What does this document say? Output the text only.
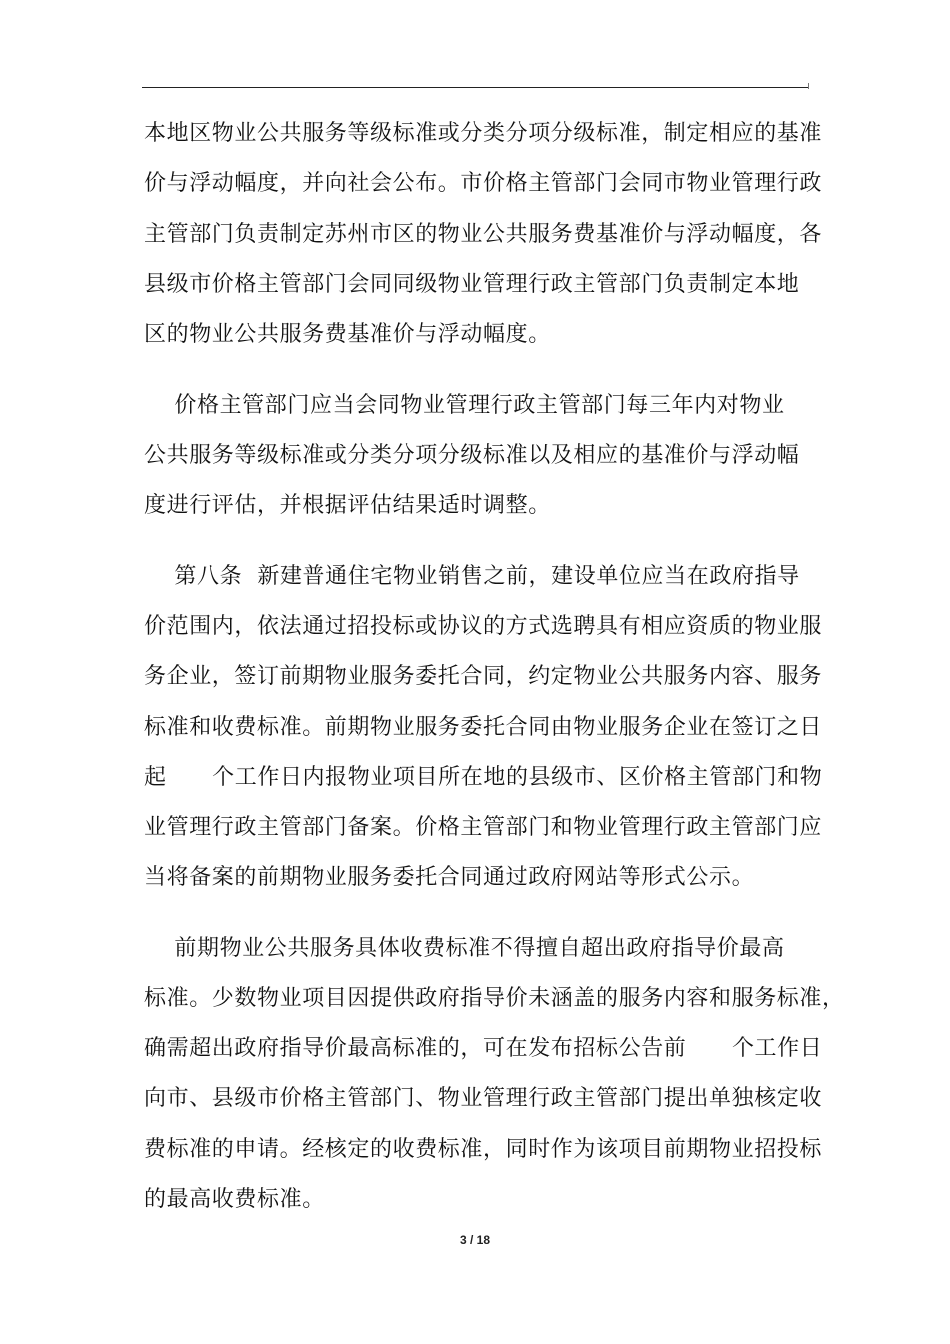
本地区物业公共服务等级标准或分类分项分级标准，制定相应的基准
价与浮动幅度，并向社会公布。市价格主管部门会同市物业管理行政
主管部门负责制定苏州市区的物业公共服务费基准价与浮动幅度，各
县级市价格主管部门会同同级物业管理行政主管部门负责制定本地
区的物业公共服务费基准价与浮动幅度。
价格主管部门应当会同物业管理行政主管部门每三年内对物业
公共服务等级标准或分类分项分级标准以及相应的基准价与浮动幅
度进行评估，并根据评估结果适时调整。
第八条  新建普通住宅物业销售之前，建设单位应当在政府指导
价范围内，依法通过招投标或协议的方式选聘具有相应资质的物业服
务企业，签订前期物业服务委托合同，约定物业公共服务内容、服务
标准和收费标准。前期物业服务委托合同由物业服务企业在签订之日
起      个工作日内报物业项目所在地的县级市、区价格主管部门和物
业管理行政主管部门备案。价格主管部门和物业管理行政主管部门应
当将备案的前期物业服务委托合同通过政府网站等形式公示。
前期物业公共服务具体收费标准不得擅自超出政府指导价最高
标准。少数物业项目因提供政府指导价未涵盖的服务内容和服务标准，
确需超出政府指导价最高标准的，可在发布招标公告前      个工作日
向市、县级市价格主管部门、物业管理行政主管部门提出单独核定收
费标准的申请。经核定的收费标准，同时作为该项目前期物业招投标
的最高收费标准。
3 / 18
